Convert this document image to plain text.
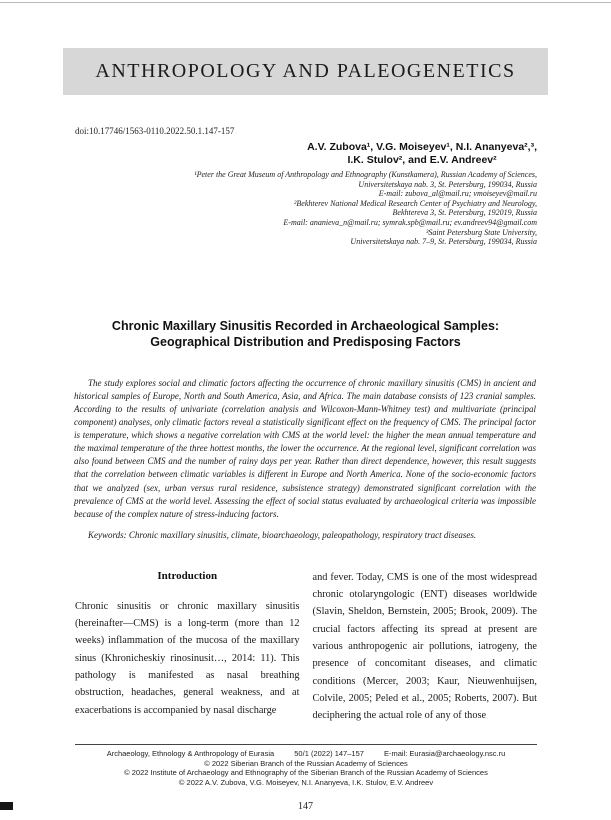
ANTHROPOLOGY AND PALEOGENETICS
doi:10.17746/1563-0110.2022.50.1.147-157
A.V. Zubova¹, V.G. Moiseyev¹, N.I. Ananyeva²,³,
I.K. Stulov², and E.V. Andreev²
¹Peter the Great Museum of Anthropology and Ethnography (Kunstkamera), Russian Academy of Sciences,
Universitetskaya nab. 3, St. Petersburg, 199034, Russia
E-mail: zubova_al@mail.ru; vmoiseyev@mail.ru
²Bekhterev National Medical Research Center of Psychiatry and Neurology,
Bekhtereva 3, St. Petersburg, 192019, Russia
E-mail: ananieva_n@mail.ru; symrak.spb@mail.ru; ev.andreev94@gmail.com
³Saint Petersburg State University,
Universitetskaya nab. 7–9, St. Petersburg, 199034, Russia
Chronic Maxillary Sinusitis Recorded in Archaeological Samples:
Geographical Distribution and Predisposing Factors

The study explores social and climatic factors affecting the occurrence of chronic maxillary sinusitis (CMS) in ancient and historical samples of Europe, North and South America, Asia, and Africa. The main database consists of 123 cranial samples. According to the results of univariate (correlation analysis and Wilcoxon-Mann-Whitney test) and multivariate (principal component) analyses, only climatic factors reveal a statistically significant effect on the frequency of CMS. The principal factor is temperature, which shows a negative correlation with CMS at the world level: the higher the mean annual temperature and the maximal temperature of the three hottest months, the lower the occurrence. At the regional level, significant correlation was also found between CMS and the number of rainy days per year. Rather than direct dependence, however, this result suggests that the correlation between climatic variables is different in Europe and North America. None of the socio-economic factors that we analyzed (sex, urban versus rural residence, subsistence strategy) demonstrated significant correlation with the prevalence of CMS at the world level. Assessing the effect of social status evaluated by archaeological criteria was impossible because of the complex nature of stress-inducing factors.

Keywords: Chronic maxillary sinusitis, climate, bioarchaeology, paleopathology, respiratory tract diseases.

Introduction

Chronic sinusitis or chronic maxillary sinusitis (hereinafter—CMS) is a long-term (more than 12 weeks) inflammation of the mucosa of the maxillary sinus (Khronicheskiy rinosinusit…, 2014: 11). This pathology is manifested as nasal breathing obstruction, headaches, general weakness, and at exacerbations is accompanied by nasal discharge

and fever. Today, CMS is one of the most widespread chronic otolaryngologic (ENT) diseases worldwide (Slavin, Sheldon, Bernstein, 2005; Brook, 2009). The crucial factors affecting its spread at present are various anthropogenic air pollutions, iatrogeny, the presence of concomitant diseases, and climatic conditions (Mercer, 2003; Kaur, Nieuwenhuijsen, Colvile, 2005; Peled et al., 2005; Roberts, 2007). But deciphering the actual role of any of those

Archaeology, Ethnology & Anthropology of Eurasia	50/1 (2022) 147–157	E-mail: Eurasia@archaeology.nsc.ru
© 2022 Siberian Branch of the Russian Academy of Sciences
© 2022 Institute of Archaeology and Ethnography of the Siberian Branch of the Russian Academy of Sciences
© 2022 A.V. Zubova, V.G. Moiseyev, N.I. Ananyeva, I.K. Stulov, E.V. Andreev
147
